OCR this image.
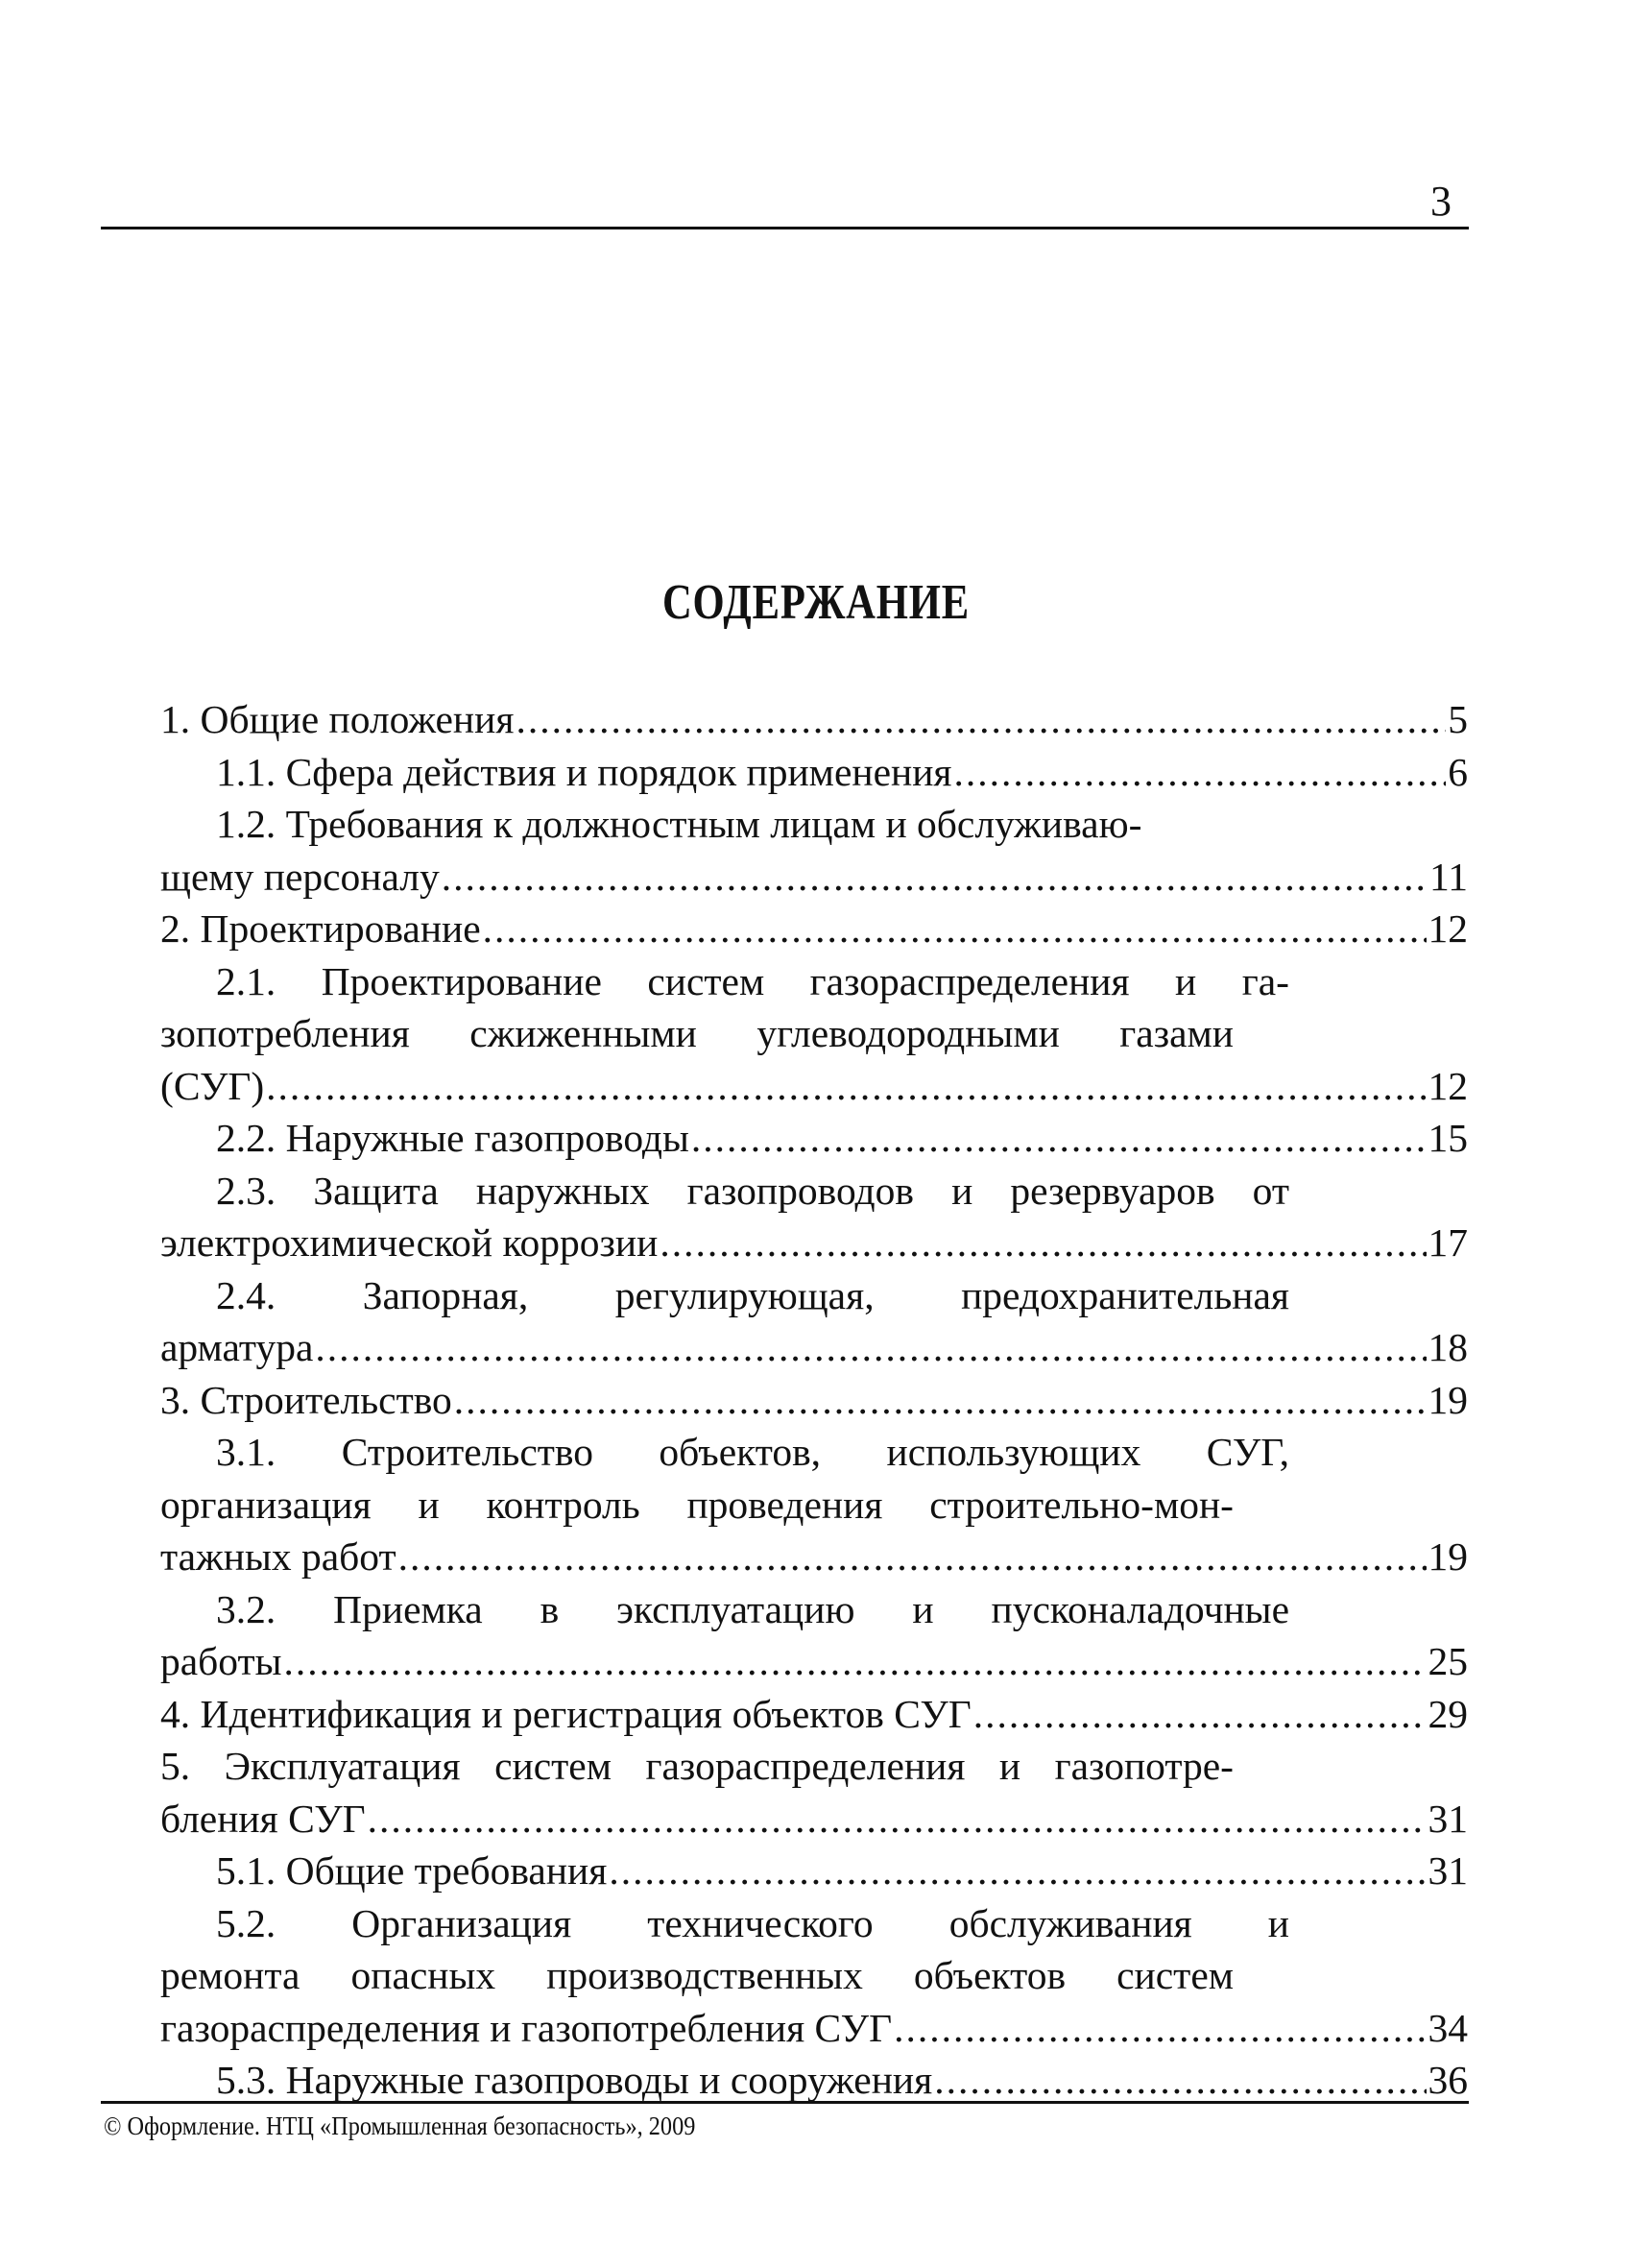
3
СОДЕРЖАНИЕ
1. Общие положения .....	5
1.1. Сфера действия и порядок применения .....	6
1.2. Требования к должностным лицам и обслуживаю-
щему персоналу .....	11
2. Проектирование .....	12
2.1. Проектирование систем газораспределения и га-
зопотребления сжиженными углеводородными газами
(СУГ) .....	12
2.2. Наружные газопроводы .....	15
2.3. Защита наружных газопроводов и резервуаров от
электрохимической коррозии .....	17
2.4. Запорная, регулирующая, предохранительная
арматура .....	18
3. Строительство .....	19
3.1. Строительство объектов, использующих СУГ,
организация и контроль проведения строительно-мон-
тажных работ .....	19
3.2. Приемка в эксплуатацию и пусконаладочные
работы .....	25
4. Идентификация и регистрация объектов СУГ .....	29
5. Эксплуатация систем газораспределения и газопотре-
бления СУГ .....	31
5.1. Общие требования .....	31
5.2. Организация технического обслуживания и
ремонта опасных производственных объектов систем
газораспределения и газопотребления СУГ .....	34
5.3. Наружные газопроводы и сооружения .....	36
© Оформление. НТЦ «Промышленная безопасность», 2009
